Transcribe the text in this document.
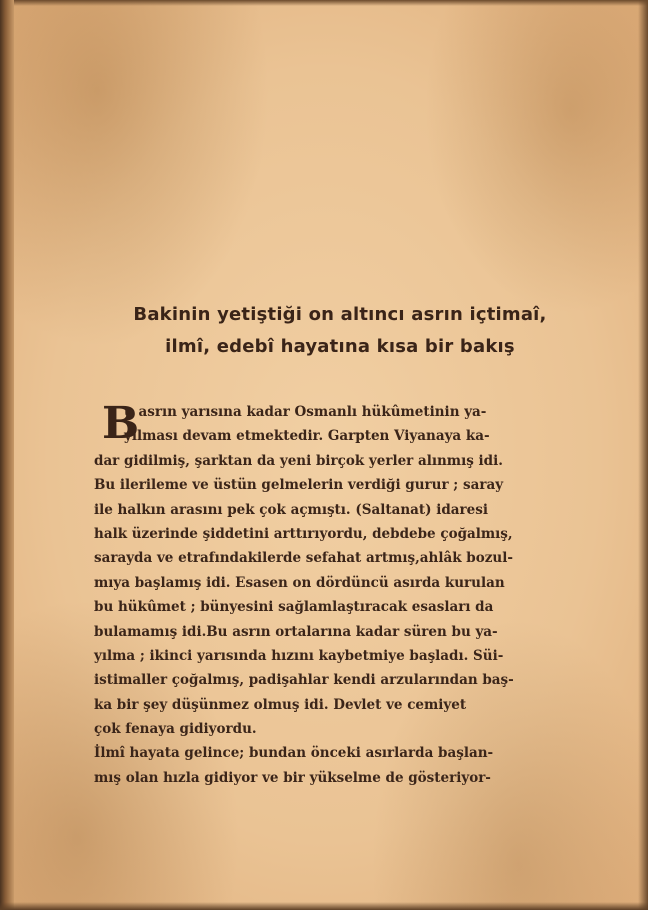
Bakinin yetiştiği on altıncı asrın içtimaî,
ilmî, edebî hayatına kısa bir bakış
B
u asrın yarısına kadar Osmanlı hükûmetinin ya-
yılması devam etmektedir. Garpten Viyanaya ka-
dar gidilmiş, şarktan da yeni birçok yerler alınmış idi.
Bu ilerileme ve üstün gelmelerin verdiği gurur ; saray
ile halkın arasını pek çok açmıştı. (Saltanat) idaresi
halk üzerinde şiddetini arttırıyordu, debdebe çoğalmış,
sarayda ve etrafındakilerde sefahat artmış,ahlâk bozul-
mıya başlamış idi. Esasen on dördüncü asırda kurulan
bu hükûmet ; bünyesini sağlamlaştıracak esasları da
bulamamış idi.Bu asrın ortalarına kadar süren bu ya-
yılma ; ikinci yarısında hızını kaybetmiye başladı. Süi-
istimaller çoğalmış, padişahlar kendi arzularından baş-
ka bir şey düşünmez olmuş idi. Devlet ve cemiyet
çok fenaya gidiyordu.
İlmî hayata gelince; bundan önceki asırlarda başlan-
mış olan hızla gidiyor ve bir yükselme de gösteriyor-
